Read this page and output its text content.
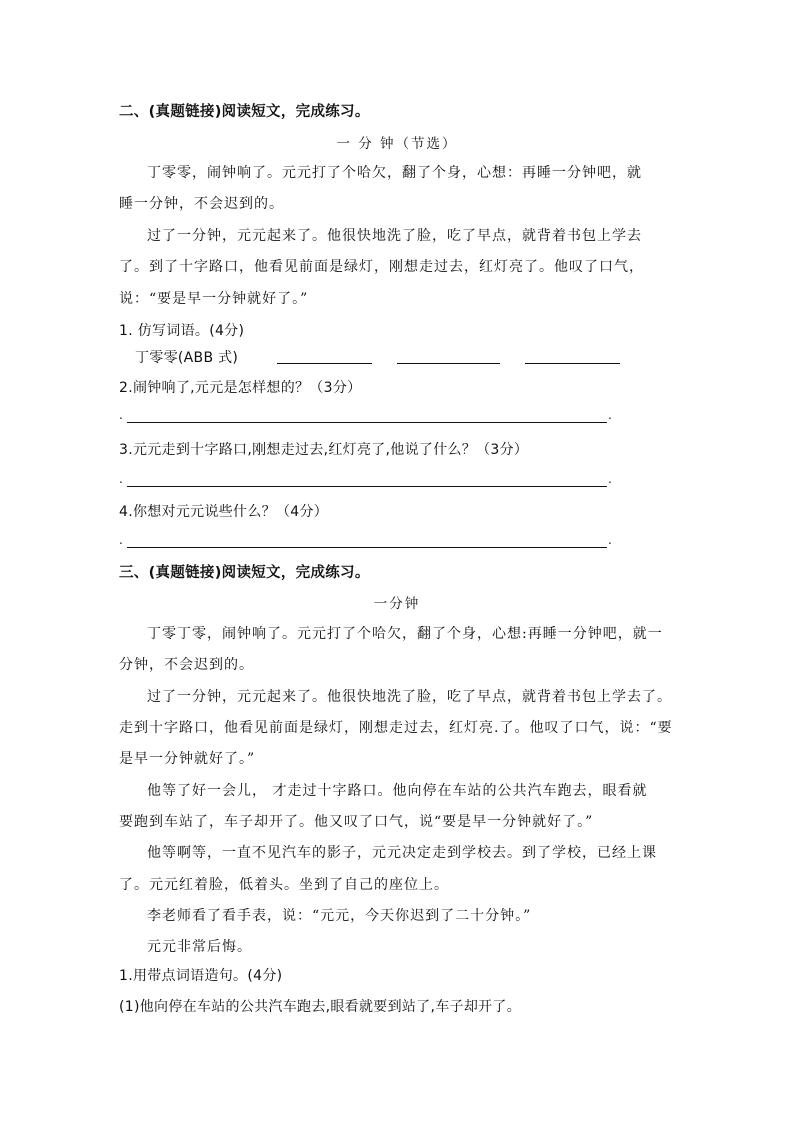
二、(真题链接)阅读短文，完成练习。
一 分 钟（节选）
丁零零，闹钟响了。元元打了个哈欠，翻了个身，心想：再睡一分钟吧，就
睡一分钟，不会迟到的。
过了一分钟，元元起来了。他很快地洗了脸，吃了早点，就背着书包上学去
了。到了十字路口，他看见前面是绿灯，刚想走过去，红灯亮了。他叹了口气，
说：“要是早一分钟就好了。”
1. 仿写词语。(4分)
丁零零(ABB 式)
2.闹钟响了,元元是怎样想的？（3分）
.	.
3.元元走到十字路口,刚想走过去,红灯亮了,他说了什么？（3分）
.	.
4.你想对元元说些什么？（4分）
.	.
三、(真题链接)阅读短文，完成练习。
一分钟
丁零丁零，闹钟响了。元元打了个哈欠，翻了个身，心想:再睡一分钟吧，就一
分钟，不会迟到的。
过了一分钟，元元起来了。他很快地洗了脸，吃了早点，就背着书包上学去了。
走到十字路口，他看见前面是绿灯，刚想走过去，红灯亮.了。他叹了口气，说：“要
是早一分钟就好了。”
他等了好一会儿， 才走过十字路口。他向停在车站的公共汽车跑去，眼看就
要跑到车站了，车子却开了。他又叹了口气，说“要是早一分钟就好了。”
他等啊等，一直不见汽车的影子，元元决定走到学校去。到了学校，已经上课
了。元元红着脸，低着头。坐到了自己的座位上。
李老师看了看手表，说：“元元，今天你迟到了二十分钟。”
元元非常后悔。
1.用带点词语造句。(4分)
(1)他向停在车站的公共汽车跑去,眼看就要到站了,车子却开了。
